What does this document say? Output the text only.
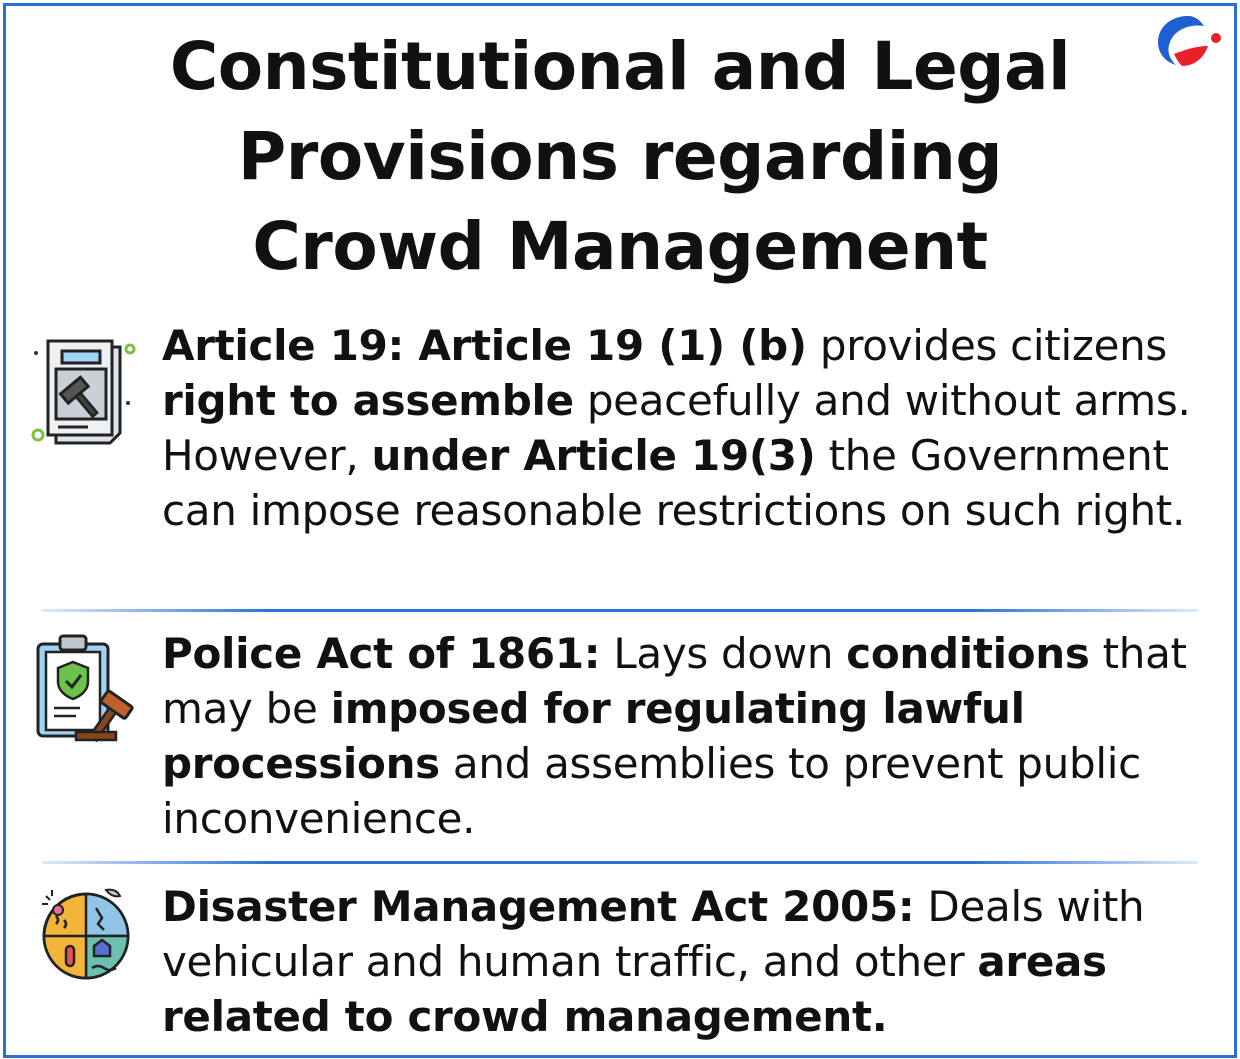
Constitutional and Legal
Provisions regarding
Crowd Management

Article 19: Article 19 (1) (b) provides citizens right to assemble peacefully and without arms. However, under Article 19(3) the Government can impose reasonable restrictions on such right.

Police Act of 1861: Lays down conditions that may be imposed for regulating lawful processions and assemblies to prevent public inconvenience.

Disaster Management Act 2005: Deals with vehicular and human traffic, and other areas related to crowd management.
